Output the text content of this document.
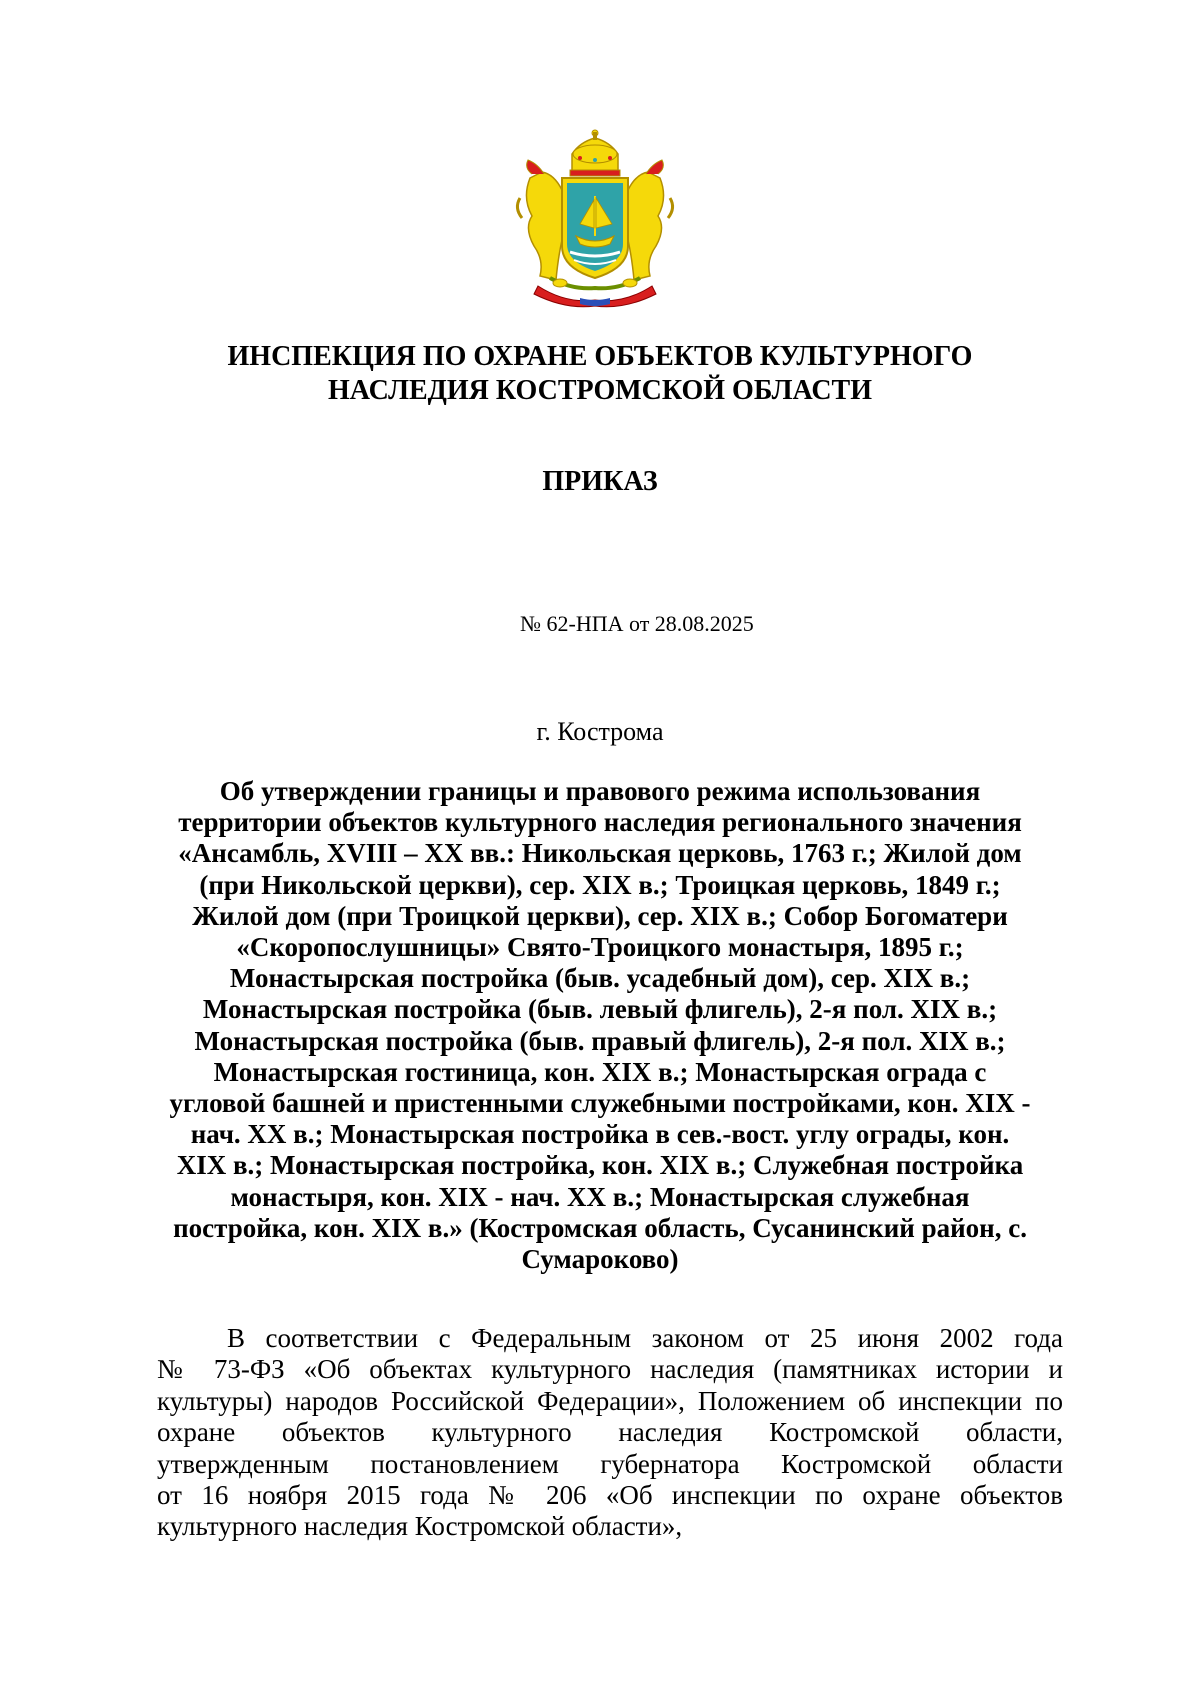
ИНСПЕКЦИЯ ПО ОХРАНЕ ОБЪЕКТОВ КУЛЬТУРНОГО
НАСЛЕДИЯ КОСТРОМСКОЙ ОБЛАСТИ
ПРИКАЗ

№ 62-НПА от 28.08.2025

г. Кострома

Об утверждении границы и правового режима использования
территории объектов культурного наследия регионального значения
«Ансамбль, XVIII – XX вв.: Никольская церковь, 1763 г.; Жилой дом
(при Никольской церкви), сер. XIX в.; Троицкая церковь, 1849 г.;
Жилой дом (при Троицкой церкви), сер. XIX в.; Собор Богоматери
«Скоропослушницы» Свято-Троицкого монастыря, 1895 г.;
Монастырская постройка (быв. усадебный дом), сер. XIX в.;
Монастырская постройка (быв. левый флигель), 2-я пол. XIX в.;
Монастырская постройка (быв. правый флигель), 2-я пол. XIX в.;
Монастырская гостиница, кон. XIX в.; Монастырская ограда с
угловой башней и пристенными служебными постройками, кон. XIX -
нач. XX в.; Монастырская постройка в сев.-вост. углу ограды, кон.
XIX в.; Монастырская постройка, кон. XIX в.; Служебная постройка
монастыря, кон. XIX - нач. XX в.; Монастырская служебная
постройка, кон. XIX в.» (Костромская область, Сусанинский район, с.
Сумароково)
В соответствии с Федеральным законом от 25 июня 2002 года
№ 73-ФЗ «Об объектах культурного наследия (памятниках истории и
культуры) народов Российской Федерации», Положением об инспекции по
охране объектов культурного наследия Костромской области,
утвержденным постановлением губернатора Костромской области
от 16 ноября 2015 года № 206 «Об инспекции по охране объектов
культурного наследия Костромской области»,
